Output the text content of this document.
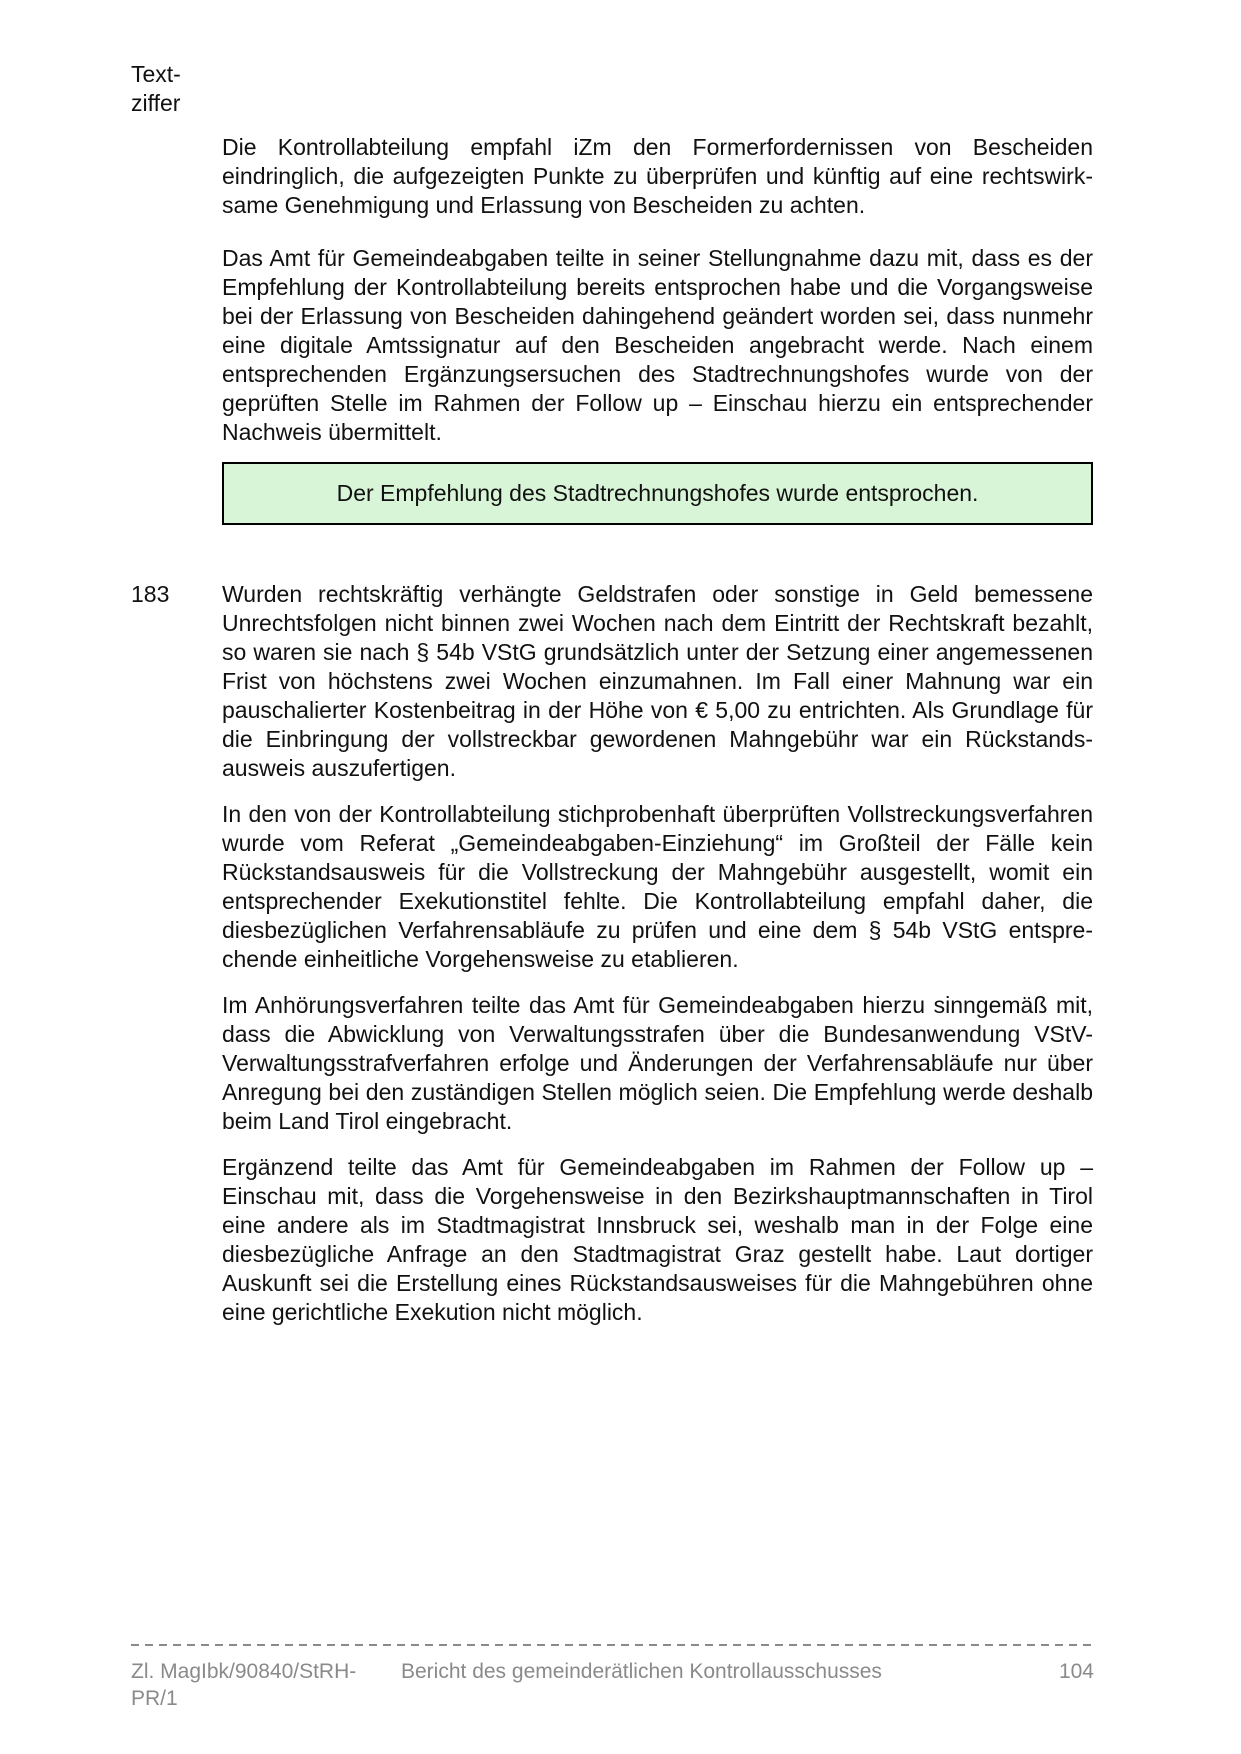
Text-
ziffer

Die Kontrollabteilung empfahl iZm den Formerfordernissen von Bescheiden eindringlich, die aufgezeigten Punkte zu überprüfen und künftig auf eine rechtswirksame Genehmigung und Erlassung von Bescheiden zu achten.

Das Amt für Gemeindeabgaben teilte in seiner Stellungnahme dazu mit, dass es der Empfehlung der Kontrollabteilung bereits entsprochen habe und die Vorgangsweise bei der Erlassung von Bescheiden dahingehend geändert worden sei, dass nunmehr eine digitale Amtssignatur auf den Bescheiden angebracht werde. Nach einem entsprechenden Ergänzungsersuchen des Stadtrechnungshofes wurde von der geprüften Stelle im Rahmen der Follow up – Einschau hierzu ein entsprechender Nachweis übermittelt.

Der Empfehlung des Stadtrechnungshofes wurde entsprochen.
183 Wurden rechtskräftig verhängte Geldstrafen oder sonstige in Geld bemessene Unrechtsfolgen nicht binnen zwei Wochen nach dem Eintritt der Rechtskraft bezahlt, so waren sie nach § 54b VStG grundsätzlich unter der Setzung einer angemessenen Frist von höchstens zwei Wochen einzumahnen. Im Fall einer Mahnung war ein pauschalierter Kostenbeitrag in der Höhe von € 5,00 zu entrichten. Als Grundlage für die Einbringung der vollstreckbar gewordenen Mahngebühr war ein Rückstandsausweis auszufertigen.

In den von der Kontrollabteilung stichprobenhaft überprüften Vollstreckungsverfahren wurde vom Referat „Gemeindeabgaben-Einziehung“ im Großteil der Fälle kein Rückstandsausweis für die Vollstreckung der Mahngebühr ausgestellt, womit ein entsprechender Exekutionstitel fehlte. Die Kontrollabteilung empfahl daher, die diesbezüglichen Verfahrensabläufe zu prüfen und eine dem § 54b VStG entsprechende einheitliche Vorgehensweise zu etablieren.

Im Anhörungsverfahren teilte das Amt für Gemeindeabgaben hierzu sinngemäß mit, dass die Abwicklung von Verwaltungsstrafen über die Bundesanwendung VStV-Verwaltungsstrafverfahren erfolge und Änderungen der Verfahrensabläufe nur über Anregung bei den zuständigen Stellen möglich seien. Die Empfehlung werde deshalb beim Land Tirol eingebracht.

Ergänzend teilte das Amt für Gemeindeabgaben im Rahmen der Follow up – Einschau mit, dass die Vorgehensweise in den Bezirkshauptmannschaften in Tirol eine andere als im Stadtmagistrat Innsbruck sei, weshalb man in der Folge eine diesbezügliche Anfrage an den Stadtmagistrat Graz gestellt habe. Laut dortiger Auskunft sei die Erstellung eines Rückstandsausweises für die Mahngebühren ohne eine gerichtliche Exekution nicht möglich.

Zl. MagIbk/90840/StRH-PR/1
Bericht des gemeinderätlichen Kontrollausschusses	104
